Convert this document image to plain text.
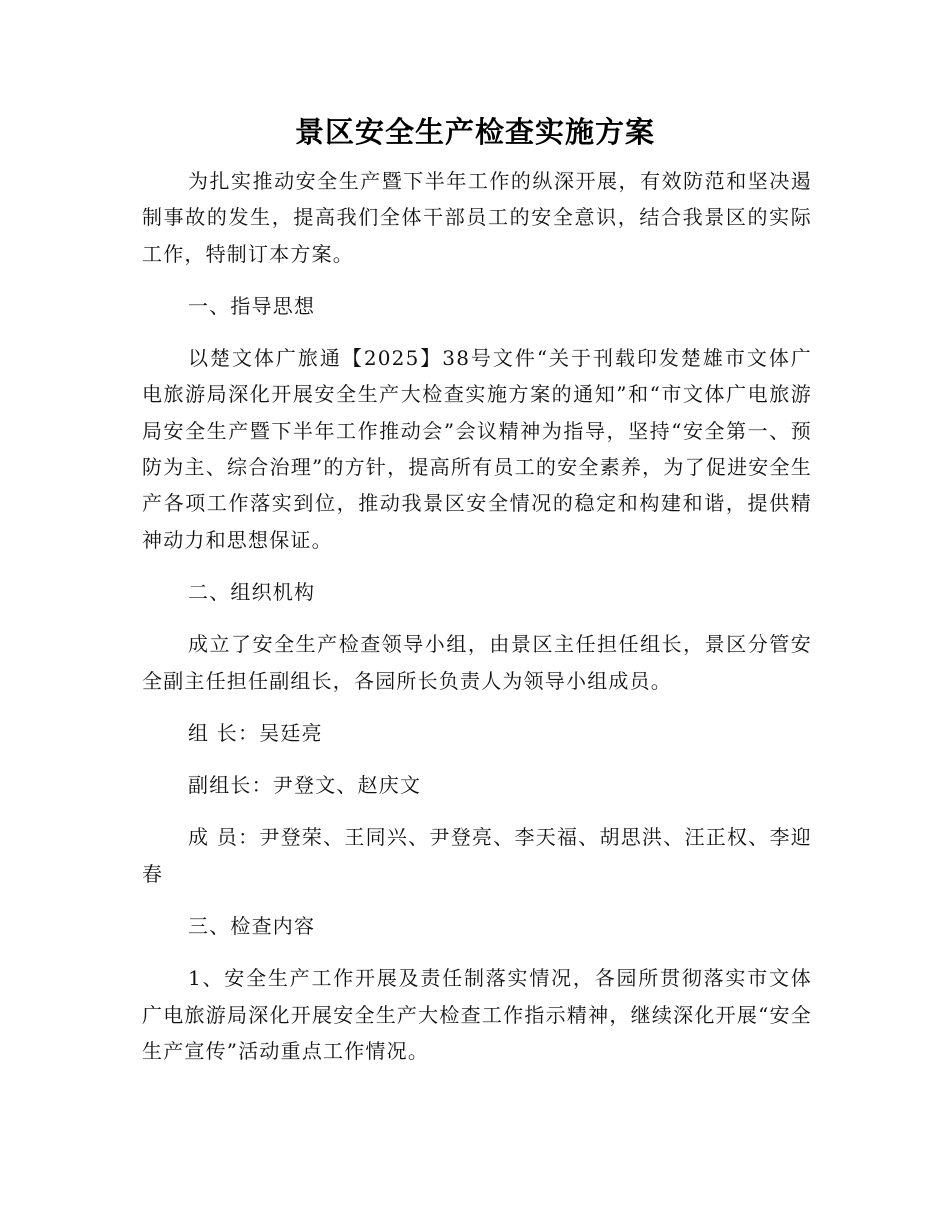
景区安全生产检查实施方案

为扎实推动安全生产暨下半年工作的纵深开展，有效防范和坚决遏制事故的发生，提高我们全体干部员工的安全意识，结合我景区的实际工作，特制订本方案。

一、指导思想

以楚文体广旅通【2025】38号文件“关于刊载印发楚雄市文体广电旅游局深化开展安全生产大检查实施方案的通知”和“市文体广电旅游局安全生产暨下半年工作推动会”会议精神为指导，坚持“安全第一、预防为主、综合治理”的方针，提高所有员工的安全素养，为了促进安全生产各项工作落实到位，推动我景区安全情况的稳定和构建和谐，提供精神动力和思想保证。

二、组织机构

成立了安全生产检查领导小组，由景区主任担任组长，景区分管安全副主任担任副组长，各园所长负责人为领导小组成员。

组 长：吴廷亮

副组长：尹登文、赵庆文

成 员：尹登荣、王同兴、尹登亮、李天福、胡思洪、汪正权、李迎春

三、检查内容

1、安全生产工作开展及责任制落实情况，各园所贯彻落实市文体广电旅游局深化开展安全生产大检查工作指示精神，继续深化开展“安全生产宣传”活动重点工作情况。
